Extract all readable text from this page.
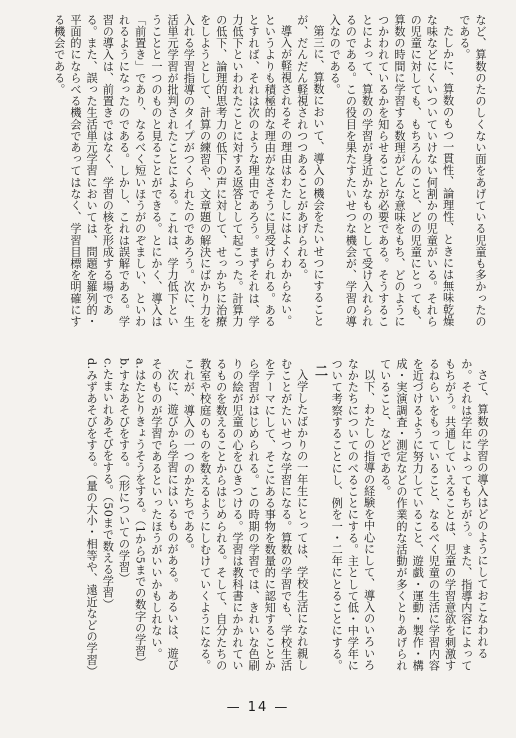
など、算数のたのしくない面をあげている児童も多かったのである。

たしかに、算数のもつ一貫性、論理性、ときには無味乾燥な味などにくいついていけない何割かの児童がいる。それらの児童に対しても、もちろんのこと、どの児童にとっても、算数の時間に学習する数理がどんな意味をもち、どのようにつかわれているかを知らせることが必要である。そうすることによって、算数の学習が身近かなものとして受け入れられるのである。この役目を果たすたいせつな機会が、学習の導入なのである。

第三に、算数において、導入の機会をたいせつにすることが、だんだん軽視されつつあることがあげられる。

導入が軽視されるその理由はわたしにはよくわからない。というよりも積極的な理由がなさそうに見受けられる。あるとすれば、それは次のような理由であろう。まずそれは、学力低下といわれたことに対する返答として起こった。計算力の低下、論理的思考力の低下の声に対して、せっかちに治療をしようとして、計算の練習や、文章題の解決にばかり力を入れる学習指導のタイプがつくられたのであろう。次に、生活単元学習が批判されたことによる。これは、学力低下ということと一つのものと見ることができる。とにかく、導入は「前置き」であり、なるべく短いほうがのぞましい、といわれるようになったのである。しかし、これは誤解である。学習の導入は、前置きではなく、学習の核を形成する場である。また、誤った生活単元学習においては、問題を羅列的・平面的にならべる機会であってはなく、学習目標を明確にする機会である。

さて、算数の学習の導入はどのようにしておこなわれるか。それは学年によってもちがう。また、指導内容によってもちがう。共通していえることは、児童の学習意欲を刺激するねらいをもっていること、なるべく児童の生活に学習内容を近づけるように努力していること、遊戯・運動・製作・構成・実演調査・測定などの作業的な活動が多くとりあげられていること、などである。

以下、わたしの指導の経験を中心にして、導入のいろいろなかたちについてのべることにする。主として低・中学年について考察することにし、例を一・二年にとることにする。

二

入学したばかりの一年生にとっては、学校生活になれ親しむことがたいせつな学習になる。算数の学習でも、学校生活をテーマにして、そこにある事物を数量的に認知することから学習がはじめられる。この時期の学習では、きれいな色刷りの絵が児童の心をひきつける。学習は教科書にかかれているものを数えることからはじめられる。そして、自分たちの教室や校庭のものを数えるようにしむけていくようになる。これが、導入の一つのかたちである。

次に、遊びから学習にはいるものがある。あるいは、遊びそのものが学習であるといったほうがいいかもしれない。

a.はたとりきょうそうをする。（1から5までの数字の学習）

b.すなあそびをする。（形についての学習）

c.たまいれあそびをする。（50まで数える学習）

d.みずあそびをする。（量の大小・相等や、遠近などの学習）

— 14 —
